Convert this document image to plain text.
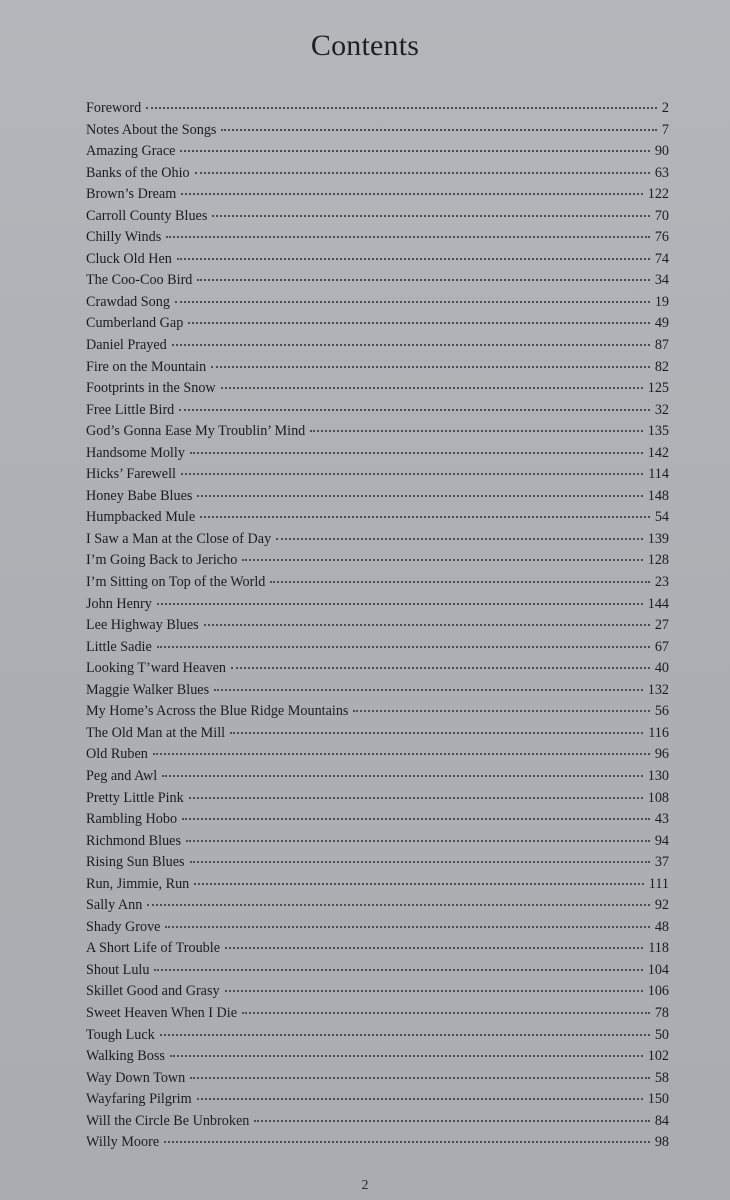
Contents
Foreword	2
Notes About the Songs	7
Amazing Grace	90
Banks of the Ohio	63
Brown’s Dream	122
Carroll County Blues	70
Chilly Winds	76
Cluck Old Hen	74
The Coo-Coo Bird	34
Crawdad Song	19
Cumberland Gap	49
Daniel Prayed	87
Fire on the Mountain	82
Footprints in the Snow	125
Free Little Bird	32
God’s Gonna Ease My Troublin’ Mind	135
Handsome Molly	142
Hicks’ Farewell	114
Honey Babe Blues	148
Humpbacked Mule	54
I Saw a Man at the Close of Day	139
I’m Going Back to Jericho	128
I’m Sitting on Top of the World	23
John Henry	144
Lee Highway Blues	27
Little Sadie	67
Looking T’ward Heaven	40
Maggie Walker Blues	132
My Home’s Across the Blue Ridge Mountains	56
The Old Man at the Mill	116
Old Ruben	96
Peg and Awl	130
Pretty Little Pink	108
Rambling Hobo	43
Richmond Blues	94
Rising Sun Blues	37
Run, Jimmie, Run	111
Sally Ann	92
Shady Grove	48
A Short Life of Trouble	118
Shout Lulu	104
Skillet Good and Grasy	106
Sweet Heaven When I Die	78
Tough Luck	50
Walking Boss	102
Way Down Town	58
Wayfaring Pilgrim	150
Will the Circle Be Unbroken	84
Willy Moore	98
2
